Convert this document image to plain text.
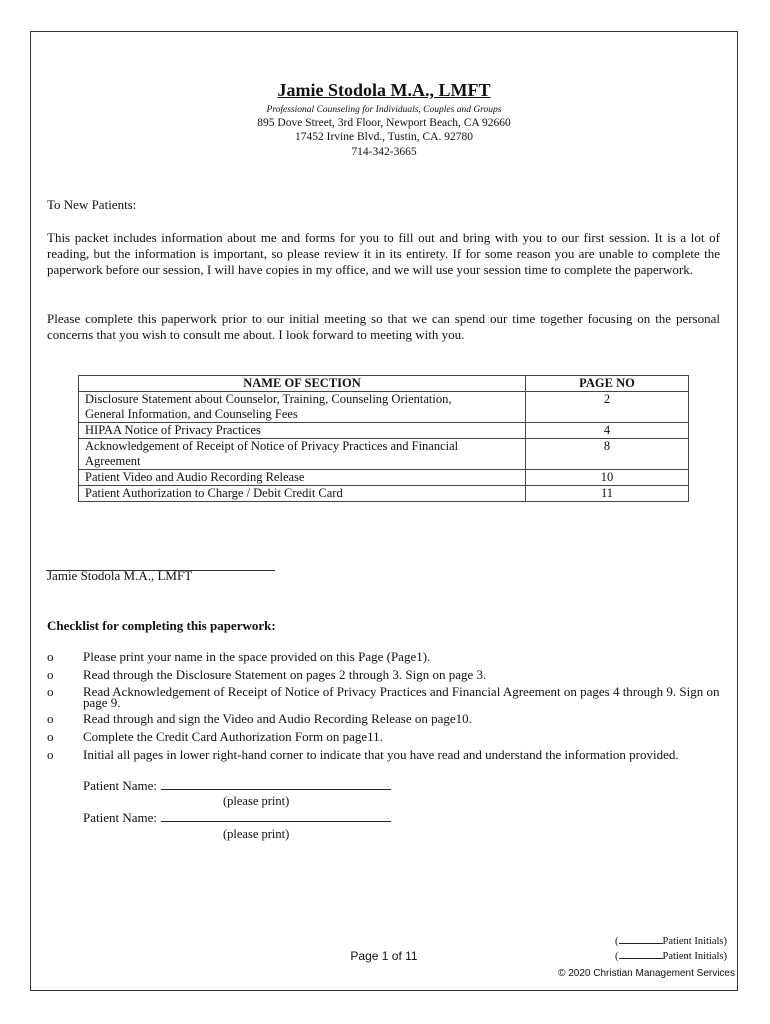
Jamie Stodola M.A., LMFT
Professional Counseling for Individuals, Couples and Groups
895 Dove Street, 3rd Floor, Newport Beach, CA 92660
17452 Irvine Blvd., Tustin, CA. 92780
714-342-3665
To New Patients:
This packet includes information about me and forms for you to fill out and bring with you to our first session. It is a lot of reading, but the information is important, so please review it in its entirety. If for some reason you are unable to complete the paperwork before our session, I will have copies in my office, and we will use your session time to complete the paperwork.
Please complete this paperwork prior to our initial meeting so that we can spend our time together focusing on the personal concerns that you wish to consult me about. I look forward to meeting with you.
NAME OF SECTION	PAGE NO
Disclosure Statement about Counselor, Training, Counseling Orientation, General Information, and Counseling Fees	2
HIPAA Notice of Privacy Practices	4
Acknowledgement of Receipt of Notice of Privacy Practices and Financial Agreement	8
Patient Video and Audio Recording Release	10
Patient Authorization to Charge / Debit Credit Card	11
Jamie Stodola M.A., LMFT
Checklist for completing this paperwork:
o Please print your name in the space provided on this Page (Page1).
o Read through the Disclosure Statement on pages 2 through 3. Sign on page 3.
o Read Acknowledgement of Receipt of Notice of Privacy Practices and Financial Agreement on pages 4 through 9. Sign on page 9.
o Read through and sign the Video and Audio Recording Release on page10.
o Complete the Credit Card Authorization Form on page11.
o Initial all pages in lower right-hand corner to indicate that you have read and understand the information provided.
Patient Name:
(please print)
Patient Name:
(please print)
(	Patient Initials)
(	Patient Initials)
Page 1 of 11
© 2020 Christian Management Services
